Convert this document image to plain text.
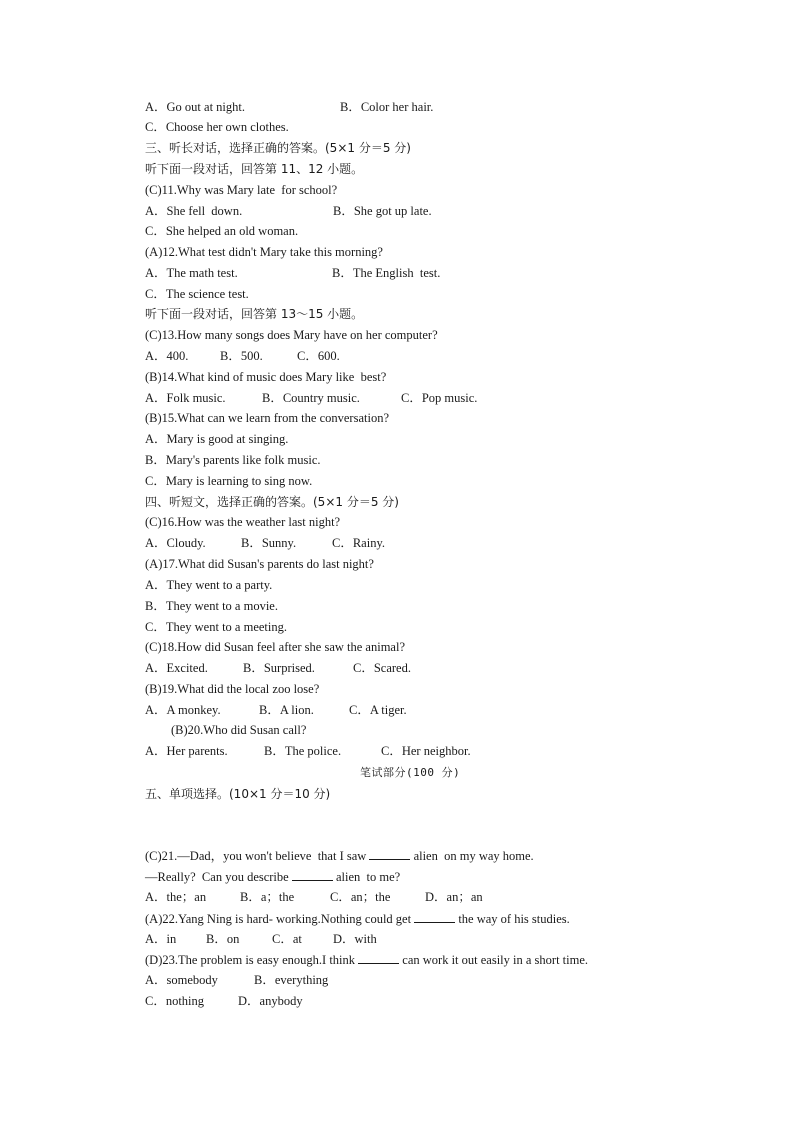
A．Go out at night.	B．Color her hair.
C．Choose her own clothes.
三、听长对话，选择正确的答案。(5×1 分＝5 分)
听下面一段对话，回答第 11、12 小题。
(C)11.Why was Mary late  for school?
A．She fell  down.	B．She got up late.
C．She helped an old woman.
(A)12.What test didn't Mary take this morning?
A．The math test.	B．The English  test.
C．The science test.
听下面一段对话，回答第 13～15 小题。
(C)13.How many songs does Mary have on her computer?
A．400.	B．500.	C．600.
(B)14.What kind of music does Mary like  best?
A．Folk music.	B．Country music.	C．Pop music.
(B)15.What can we learn from the conversation?
A．Mary is good at singing.
B．Mary's parents like folk music.
C．Mary is learning to sing now.
四、听短文，选择正确的答案。(5×1 分＝5 分)
(C)16.How was the weather last night?
A．Cloudy.	B．Sunny.	C．Rainy.
(A)17.What did Susan's parents do last night?
A．They went to a party.
B．They went to a movie.
C．They went to a meeting.
(C)18.How did Susan feel after she saw the animal?
A．Excited.	B．Surprised.	C．Scared.
(B)19.What did the local zoo lose?
A．A monkey.	B．A lion.	C．A tiger.
(B)20.Who did Susan call?
A．Her parents.	B．The police.	C．Her neighbor.
笔试部分(100 分)
五、单项选择。(10×1 分＝10 分)
(C)21.—Dad，you won't believe  that I saw	alien  on my way home.
—Really?  Can you describe	alien  to me?
A．the；an	B．a；the	C．an；the	D．an；an
(A)22.Yang Ning is hard- working.Nothing could get	the way of his studies.
A．in B．on	C．at D．with
(D)23.The problem is easy enough.I think	can work it out easily in a short time.
A．somebody	B．everything
C．nothing	D．anybody
